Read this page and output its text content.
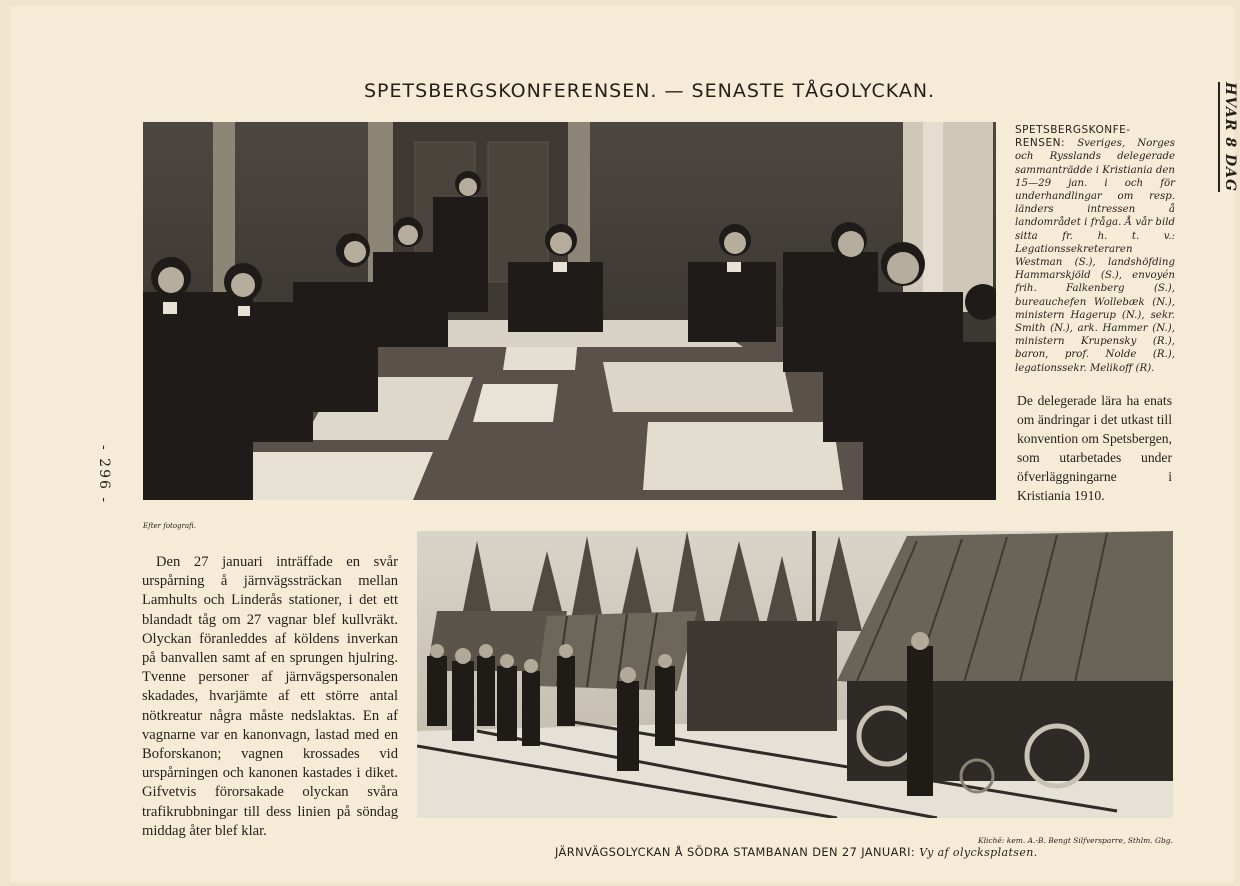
SPETSBERGSKONFERENSEN. — SENASTE TÅGOLYCKAN.	HVAR 8 DAG
- 296 -
Efter fotografi.

SPETSBERGSKONFE-RENSEN: Sveriges, Norges och Rysslands delegerade sammanträdde i Kristiania den 15—29 jan. i och för underhandlingar om resp. länders intressen å landområdet i fråga. Å vår bild sitta fr. h. t. v.: Legationssekreteraren Westman (S.), landshöfding Hammarskjöld (S.), envoyén frih. Falkenberg (S.), bureauchefen Wollebæk (N.), ministern Hagerup (N.), sekr. Smith (N.), ark. Hammer (N.), ministern Krupensky (R.), baron, prof. Nolde (R.), legationssekr. Melikoff (R).

De delegerade lära ha enats om ändringar i det utkast till konvention om Spetsbergen, som utarbetades under öfverläggningarne i Kristiania 1910.
Den 27 januari inträffade en svår urspårning å järnvägssträckan mellan Lamhults och Linderås stationer, i det ett blandadt tåg om 27 vagnar blef kullvräkt. Olyckan föranleddes af köldens inverkan på banvallen samt af en sprungen hjulring. Tvenne personer af järnvägspersonalen skadades, hvarjämte af ett större antal nötkreatur några måste nedslaktas. En af vagnarne var en kanonvagn, lastad med en Boforskanon; vagnen krossades vid urspårningen och kanonen kastades i diket. Gifvetvis förorsakade olyckan svåra trafikrubbningar till dess linien på söndag middag åter blef klar.
Klichē: kem. A.-B. Bengt Silfversparre, Sthlm. Gbg.
JÄRNVÄGSOLYCKAN Å SÖDRA STAMBANAN DEN 27 JANUARI: Vy af olycksplatsen.
